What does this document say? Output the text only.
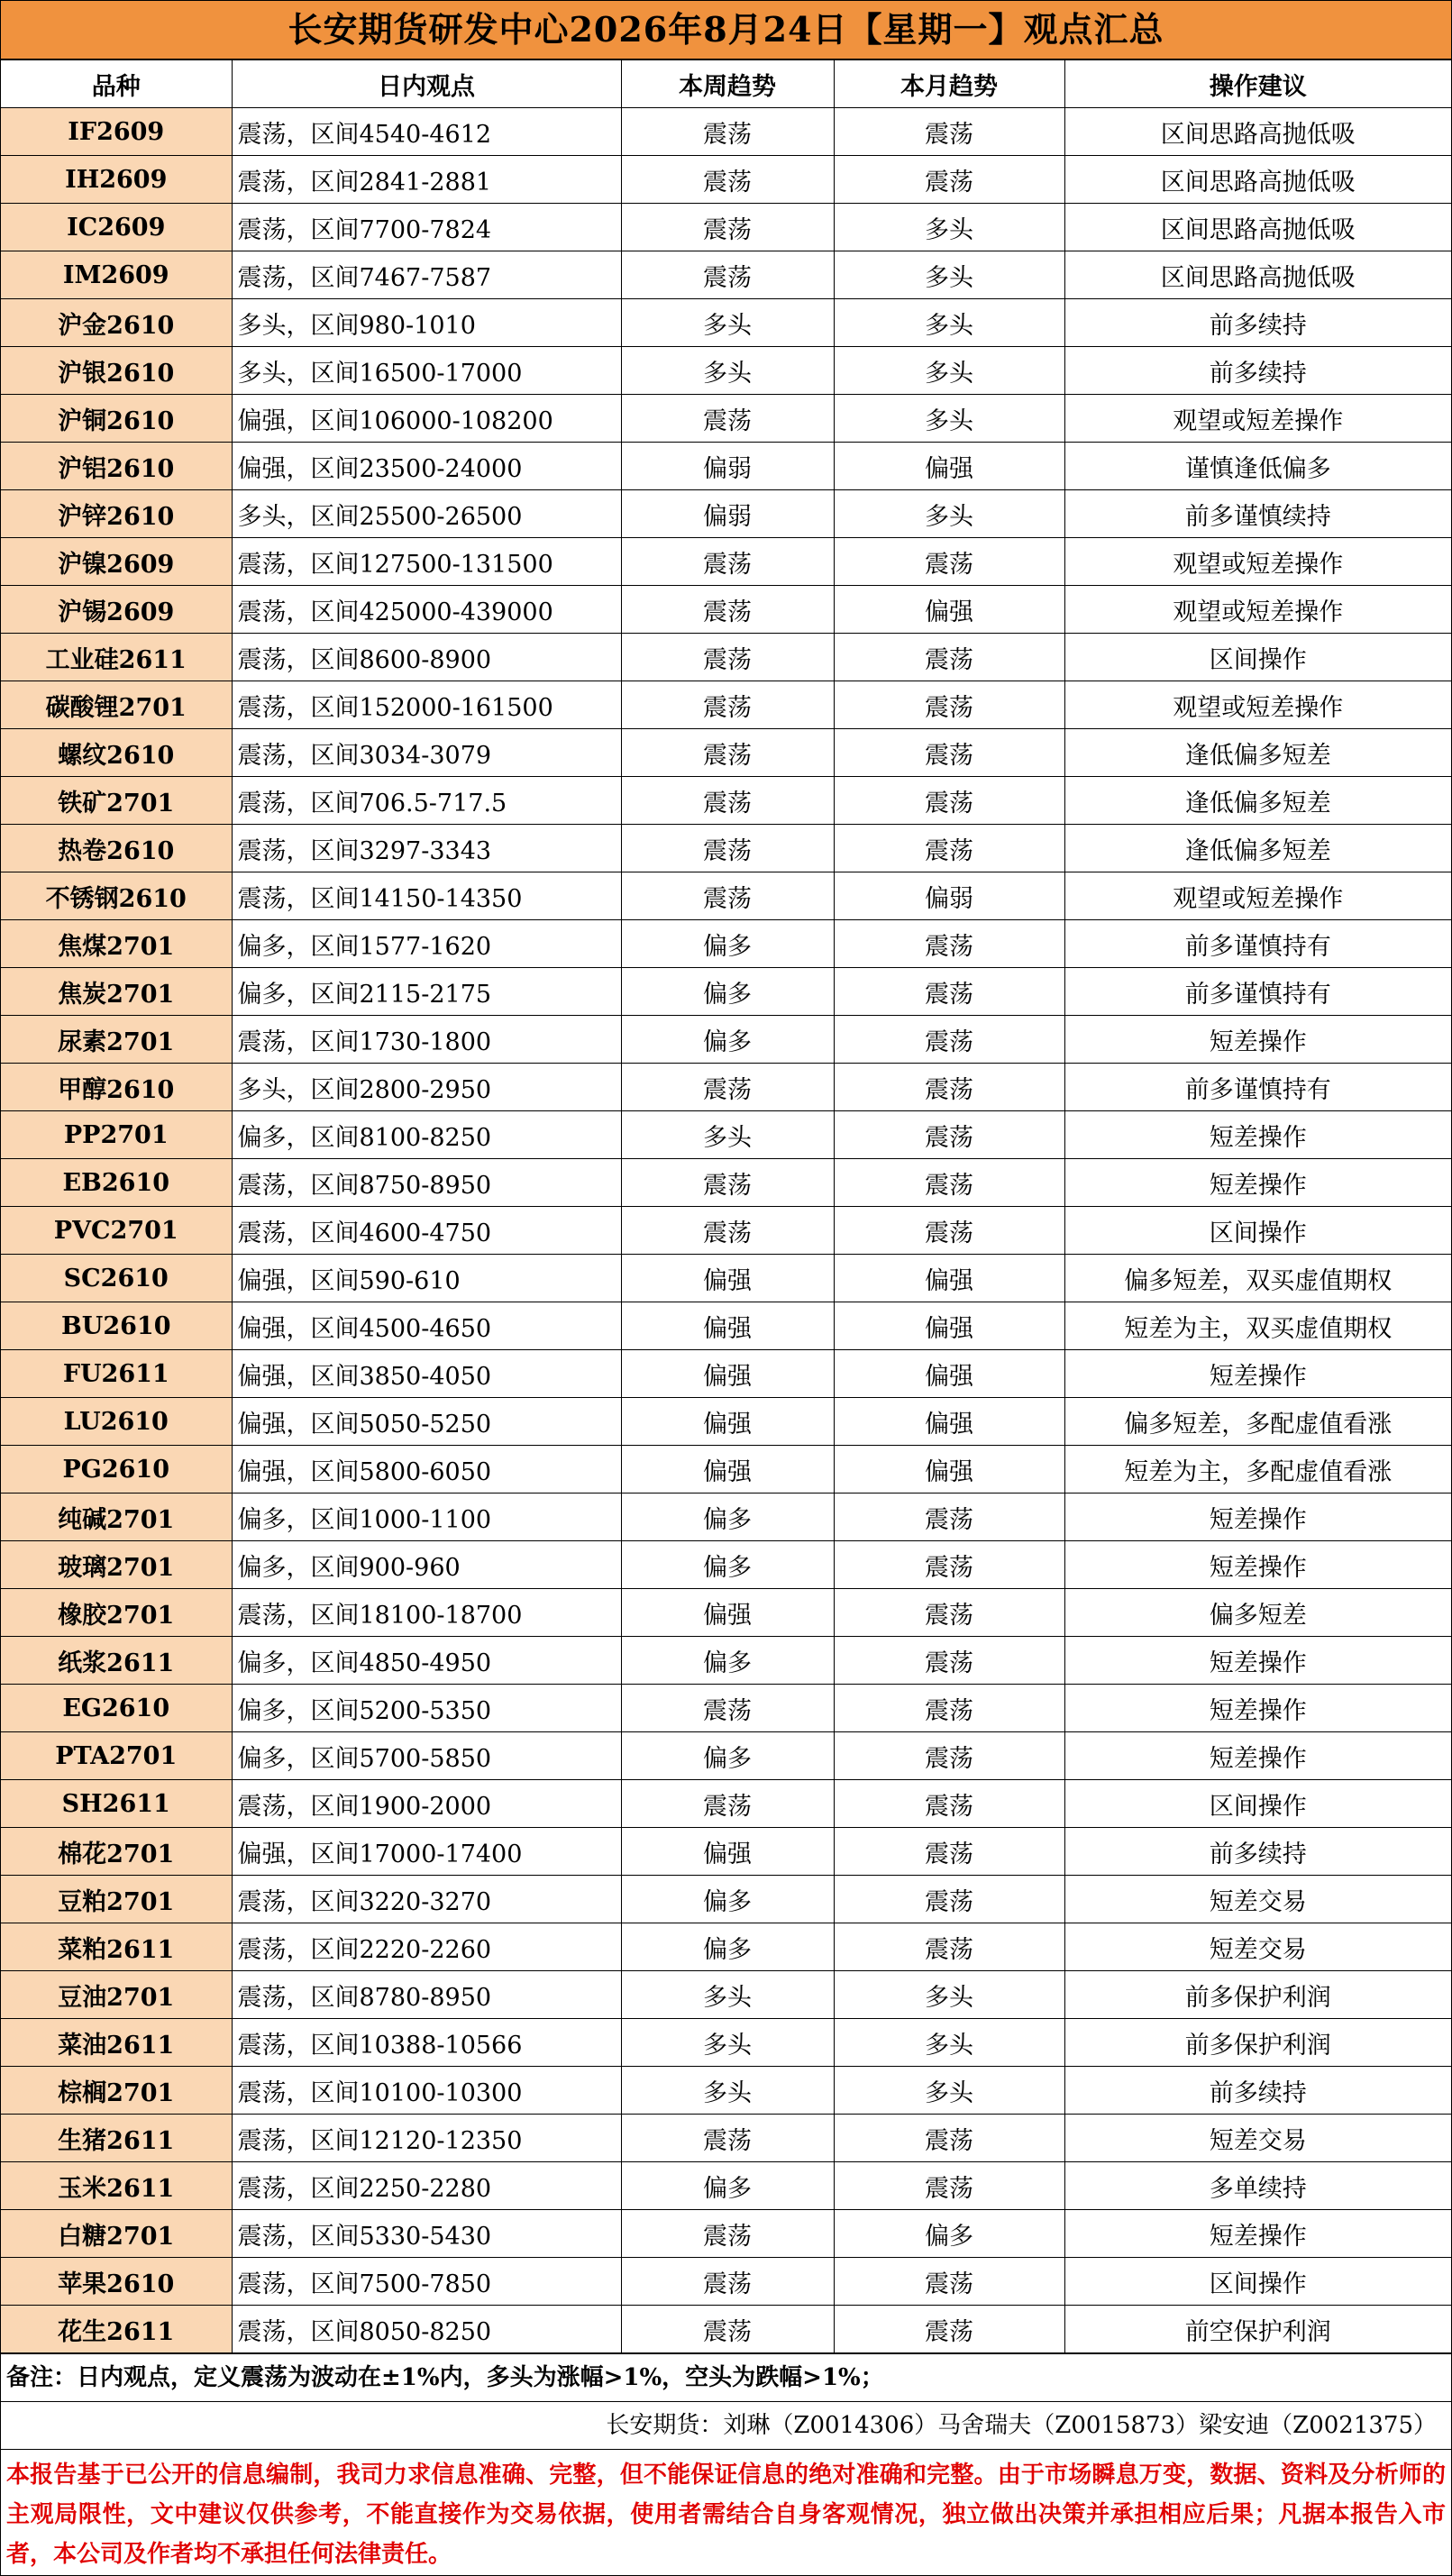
长安期货研发中心2026年8月24日【星期一】观点汇总
品种	日内观点	本周趋势	本月趋势	操作建议
IF2609	震荡，区间4540-4612	震荡	震荡	区间思路高抛低吸
IH2609	震荡，区间2841-2881	震荡	震荡	区间思路高抛低吸
IC2609	震荡，区间7700-7824	震荡	多头	区间思路高抛低吸
IM2609	震荡，区间7467-7587	震荡	多头	区间思路高抛低吸
沪金2610	多头，区间980-1010	多头	多头	前多续持
沪银2610	多头，区间16500-17000	多头	多头	前多续持
沪铜2610	偏强，区间106000-108200	震荡	多头	观望或短差操作
沪铝2610	偏强，区间23500-24000	偏弱	偏强	谨慎逢低偏多
沪锌2610	多头，区间25500-26500	偏弱	多头	前多谨慎续持
沪镍2609	震荡，区间127500-131500	震荡	震荡	观望或短差操作
沪锡2609	震荡，区间425000-439000	震荡	偏强	观望或短差操作
工业硅2611	震荡，区间8600-8900	震荡	震荡	区间操作
碳酸锂2701	震荡，区间152000-161500	震荡	震荡	观望或短差操作
螺纹2610	震荡，区间3034-3079	震荡	震荡	逢低偏多短差
铁矿2701	震荡，区间706.5-717.5	震荡	震荡	逢低偏多短差
热卷2610	震荡，区间3297-3343	震荡	震荡	逢低偏多短差
不锈钢2610	震荡，区间14150-14350	震荡	偏弱	观望或短差操作
焦煤2701	偏多，区间1577-1620	偏多	震荡	前多谨慎持有
焦炭2701	偏多，区间2115-2175	偏多	震荡	前多谨慎持有
尿素2701	震荡，区间1730-1800	偏多	震荡	短差操作
甲醇2610	多头，区间2800-2950	震荡	震荡	前多谨慎持有
PP2701	偏多，区间8100-8250	多头	震荡	短差操作
EB2610	震荡，区间8750-8950	震荡	震荡	短差操作
PVC2701	震荡，区间4600-4750	震荡	震荡	区间操作
SC2610	偏强，区间590-610	偏强	偏强	偏多短差，双买虚值期权
BU2610	偏强，区间4500-4650	偏强	偏强	短差为主，双买虚值期权
FU2611	偏强，区间3850-4050	偏强	偏强	短差操作
LU2610	偏强，区间5050-5250	偏强	偏强	偏多短差，多配虚值看涨
PG2610	偏强，区间5800-6050	偏强	偏强	短差为主，多配虚值看涨
纯碱2701	偏多，区间1000-1100	偏多	震荡	短差操作
玻璃2701	偏多，区间900-960	偏多	震荡	短差操作
橡胶2701	震荡，区间18100-18700	偏强	震荡	偏多短差
纸浆2611	偏多，区间4850-4950	偏多	震荡	短差操作
EG2610	偏多，区间5200-5350	震荡	震荡	短差操作
PTA2701	偏多，区间5700-5850	偏多	震荡	短差操作
SH2611	震荡，区间1900-2000	震荡	震荡	区间操作
棉花2701	偏强，区间17000-17400	偏强	震荡	前多续持
豆粕2701	震荡，区间3220-3270	偏多	震荡	短差交易
菜粕2611	震荡，区间2220-2260	偏多	震荡	短差交易
豆油2701	震荡，区间8780-8950	多头	多头	前多保护利润
菜油2611	震荡，区间10388-10566	多头	多头	前多保护利润
棕榈2701	震荡，区间10100-10300	多头	多头	前多续持
生猪2611	震荡，区间12120-12350	震荡	震荡	短差交易
玉米2611	震荡，区间2250-2280	偏多	震荡	多单续持
白糖2701	震荡，区间5330-5430	震荡	偏多	短差操作
苹果2610	震荡，区间7500-7850	震荡	震荡	区间操作
花生2611	震荡，区间8050-8250	震荡	震荡	前空保护利润
备注：日内观点，定义震荡为波动在±1%内，多头为涨幅>1%，空头为跌幅>1%；
长安期货：刘琳（Z0014306）马舍瑞夫（Z0015873）梁安迪（Z0021375）
本报告基于已公开的信息编制，我司力求信息准确、完整，但不能保证信息的绝对准确和完整。由于市场瞬息万变，数据、资料及分析师的主观局限性，文中建议仅供参考，不能直接作为交易依据，使用者需结合自身客观情况，独立做出决策并承担相应后果；凡据本报告入市者，本公司及作者均不承担任何法律责任。
